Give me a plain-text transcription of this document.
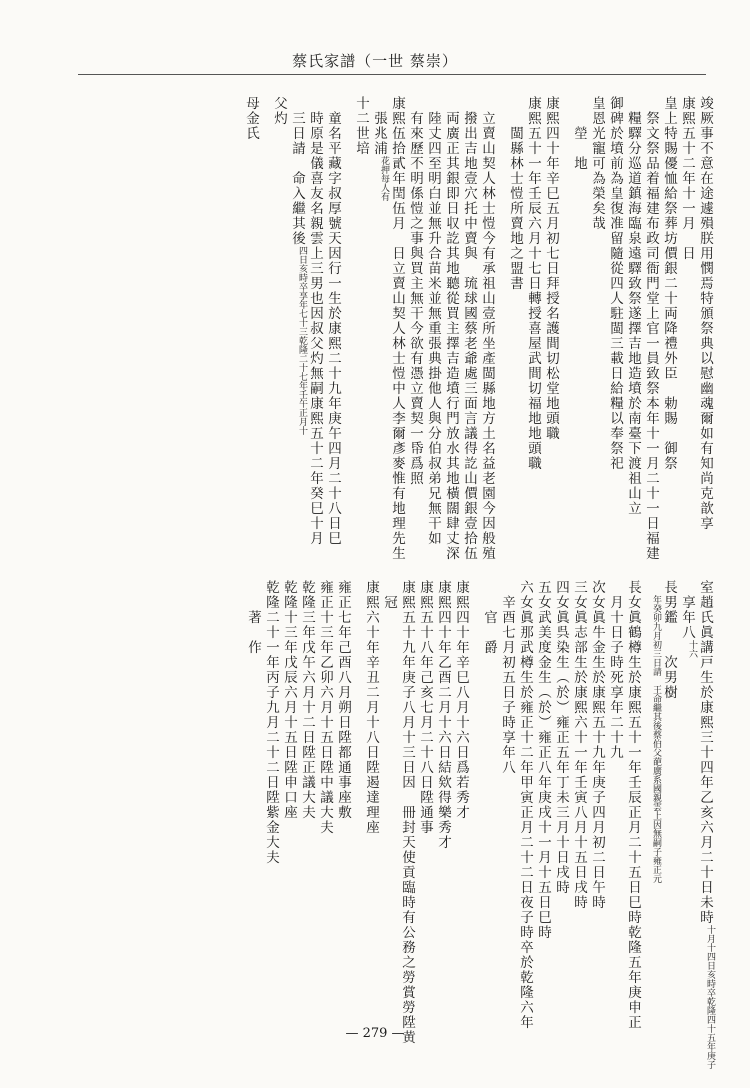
蔡氏家譜（一世 蔡崇）
竣厥事不意在途遽殞朕用憫焉特頒祭典以慰幽魂爾如有知尚克歆享
康熙五十二年十一月　日
皇上特賜優恤給祭葬坊價銀二十両降禮外臣　勅賜　御祭
　祭文祭品着福建布政司衙門堂上官一員致祭本年十一月二十一日福建
　糧驛分巡道鎮海臨泉遠驛致祭遂擇吉地造墳於南臺下渡祖山立
御碑於墳前為皇復准留隨從四人駐閩三載日給糧以奉祭祀
皇恩光寵可為榮矣哉
　　塋　地
康熙四十年辛巳五月初七日拜授名護間切松堂地頭職
康熙五十一年壬辰六月十七日轉授喜屋武間切福地地頭職
　　閩縣林士愷所賣地之盟書
　立賣山契人林士愷今有承祖山壹所坐產閩縣地方土名益老園今因般殖
　撥出吉地壹穴托中賣與　琉球國蔡老爺處三面言議得訖山價銀壹拾伍
　両廣正其銀即日収訖其地聽從買主擇吉造墳行門放水其地橫闊肆丈深
　陸丈四至明白並無升合苗米並無重張典掛他人與分伯叔弟兄無干如
　有來歷不明係愷之事與買主無干今欲有憑立賣契一帋爲照
康熙伍拾貳年閏伍月　日立賣山契人林士愷中人李爾彥麥惟有地理先生
　張兆浦
每人有
花押
十二世培
　童名平藏字叔厚號天因行一生於康熙二十九年庚午四月二十八日巳
　時原是儀喜友名親雲上三男也因叔父灼無嗣康熙五十二年癸巳十月
　三日請　命入繼其後
乾隆二十七年壬午正月十
四日亥時卒享年七十三
父灼
母金氏
室趙氏眞講戸生於康熙三十四年乙亥六月二十日未時
乾隆四十五年庚子
十月十四日亥時卒
　享年八
十六
長男鑑　　次男樹

蔡伯父葩廣系國親雲上因無嗣子雍正元
年癸卯九月初三日請　王命繼其後
長女眞鶴樽生於康熙五十一年壬辰正月二十五日巳時乾隆五年庚申正
　月十日子時死享年二十九
次女眞牛金生於康熙五十九年庚子四月初二日午時
三女眞志部生於康熙六十一年壬寅八月十五日戌時
四女眞呉染生（於）雍正五年丁未三月十日戌時
五女武美度金生（於）雍正八年庚戌十一月十五日巳時
六女眞那武樽生於雍正十二年甲寅正月二十二日夜子時卒於乾隆六年
　辛酉七月初五日子時享年八
　　官　爵
康熙四十年辛巳八月十六日爲若秀才
康熙四十年乙酉二月十六日結欸得樂秀才
康熙五十八年己亥七月二十八日陞通事
康熙五十九年庚子八月十三日因　冊封天使貢臨時有公務之勞賞勞陞黄
　冠
康熙六十年辛丑二月十八日陞遏達理座
雍正七年己酉八月朔日陞都通事座敷
雍正十三年乙卯六月十五日陞中議大夫
乾隆三年戊午六月十二日陞正議大夫
乾隆十三年戊辰六月十五日陞申口座
乾隆二十一年丙子九月二十二日陞紫金大夫
　　著　作
— 279 —
